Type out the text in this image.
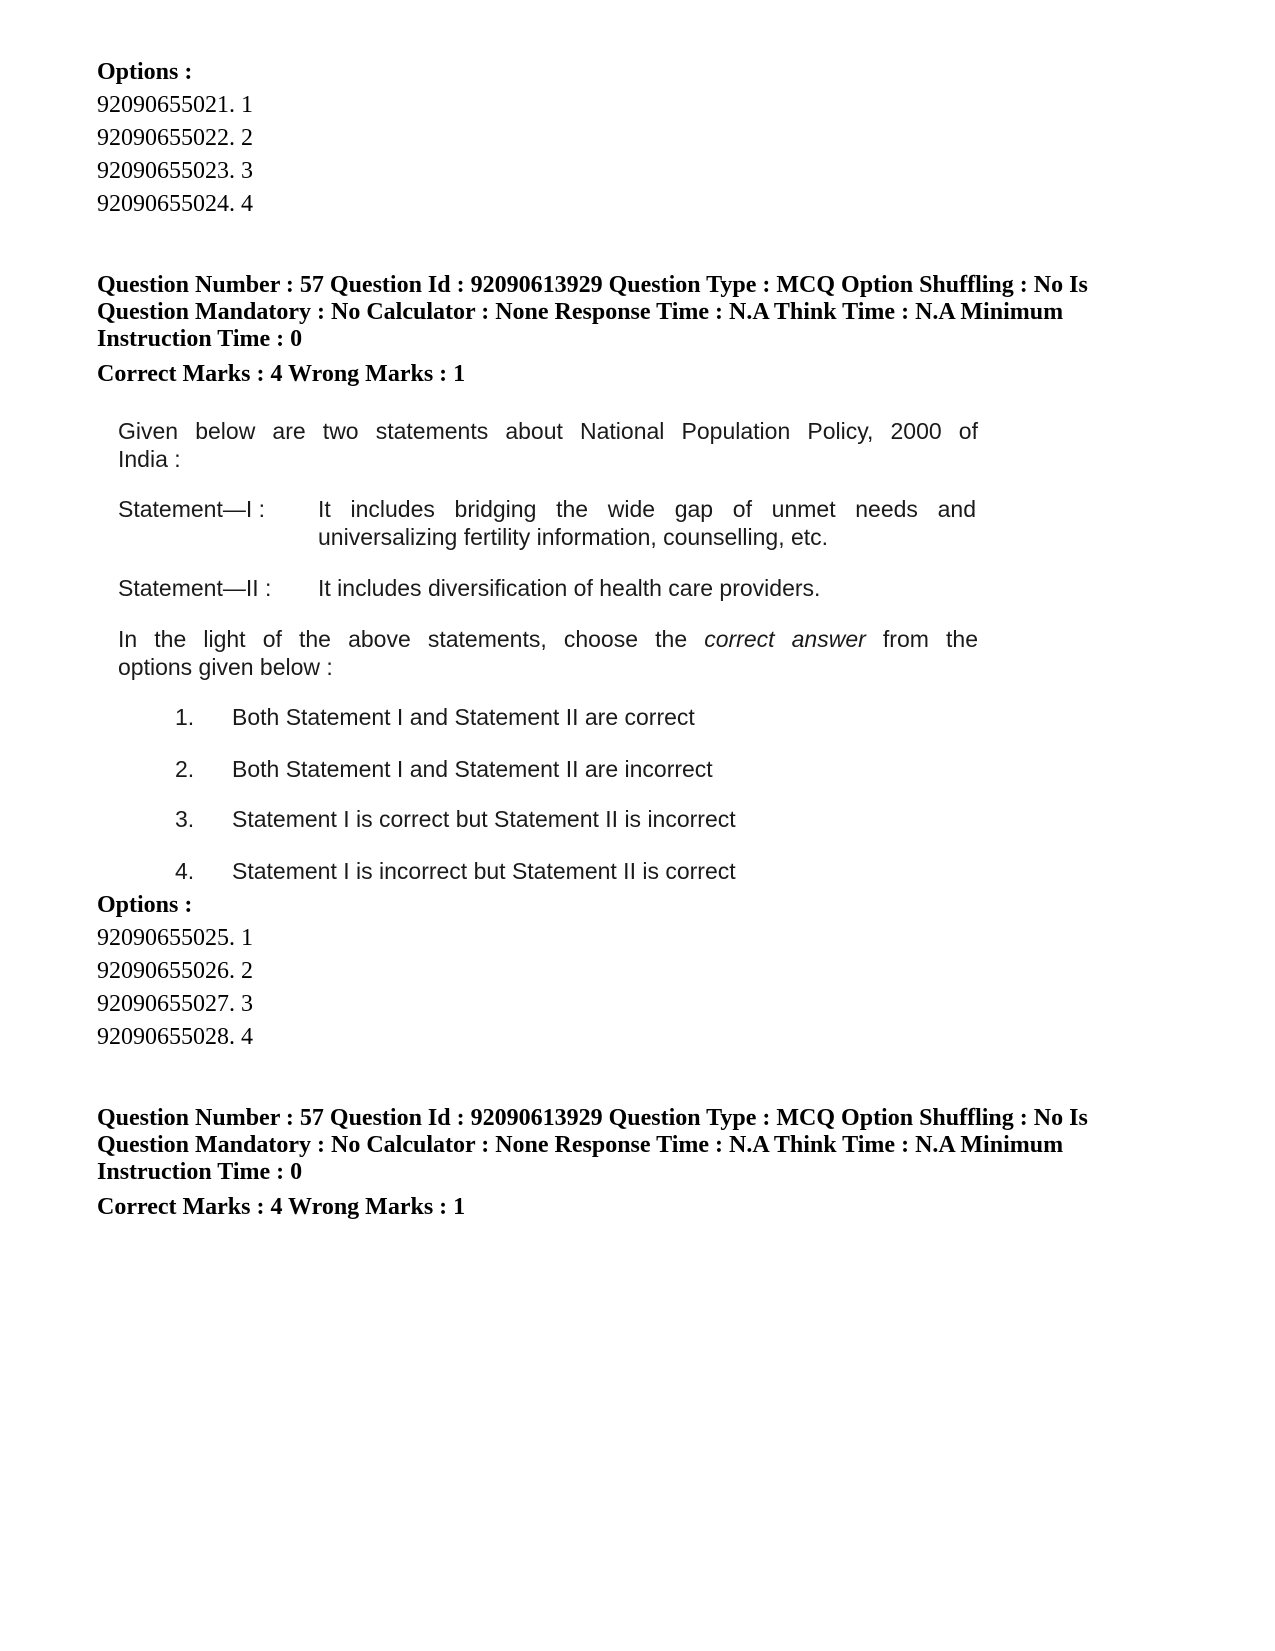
Options :
92090655021. 1
92090655022. 2
92090655023. 3
92090655024. 4
Question Number : 57 Question Id : 92090613929 Question Type : MCQ Option Shuffling : No Is
Question Mandatory : No Calculator : None Response Time : N.A Think Time : N.A Minimum
Instruction Time : 0
Correct Marks : 4 Wrong Marks : 1
Given below are two statements about National Population Policy, 2000 of
India :
Statement—I : It includes bridging the wide gap of unmet needs and
universalizing fertility information, counselling, etc.
Statement—II : It includes diversification of health care providers.
In the light of the above statements, choose the correct answer from the
options given below :
1.	Both Statement I and Statement II are correct
2.	Both Statement I and Statement II are incorrect
3.	Statement I is correct but Statement II is incorrect
4.	Statement I is incorrect but Statement II is correct
Options :
92090655025. 1
92090655026. 2
92090655027. 3
92090655028. 4
Question Number : 57 Question Id : 92090613929 Question Type : MCQ Option Shuffling : No Is
Question Mandatory : No Calculator : None Response Time : N.A Think Time : N.A Minimum
Instruction Time : 0
Correct Marks : 4 Wrong Marks : 1
